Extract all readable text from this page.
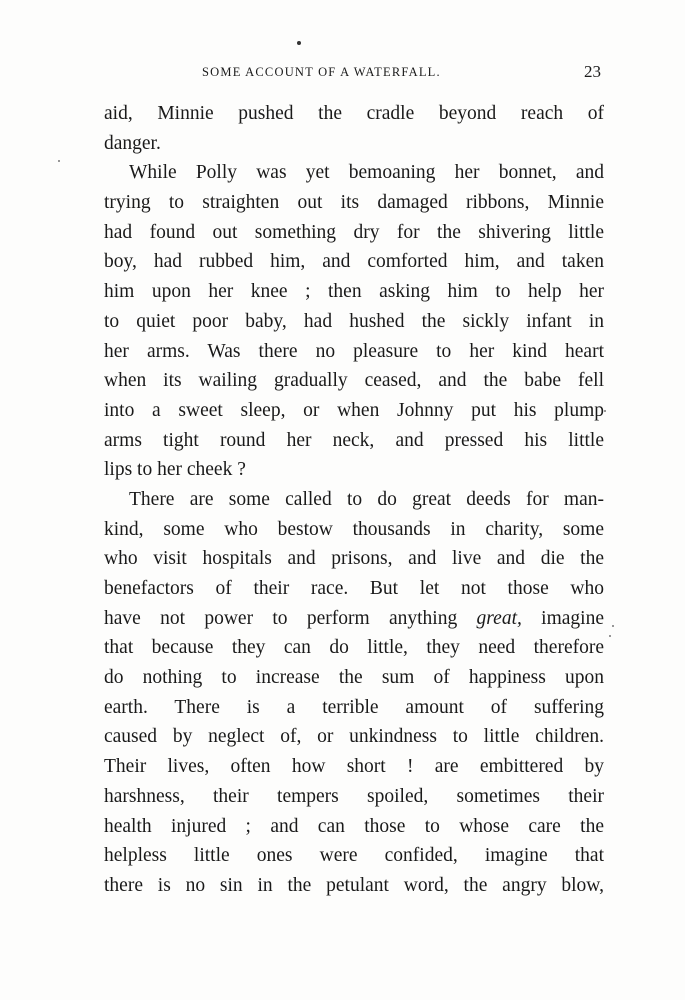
SOME ACCOUNT OF A WATERFALL.	23
aid, Minnie pushed the cradle beyond reach of
danger.
While Polly was yet bemoaning her bonnet, and
trying to straighten out its damaged ribbons, Minnie
had found out something dry for the shivering little
boy, had rubbed him, and comforted him, and taken
him upon her knee ; then asking him to help her
to quiet poor baby, had hushed the sickly infant in
her arms. Was there no pleasure to her kind heart
when its wailing gradually ceased, and the babe fell
into a sweet sleep, or when Johnny put his plump
arms tight round her neck, and pressed his little
lips to her cheek ?
There are some called to do great deeds for man-
kind, some who bestow thousands in charity, some
who visit hospitals and prisons, and live and die the
benefactors of their race. But let not those who
have not power to perform anything great, imagine
that because they can do little, they need therefore
do nothing to increase the sum of happiness upon
earth. There is a terrible amount of suffering
caused by neglect of, or unkindness to little children.
Their lives, often how short ! are embittered by
harshness, their tempers spoiled, sometimes their
health injured ; and can those to whose care the
helpless little ones were confided, imagine that
there is no sin in the petulant word, the angry blow,
